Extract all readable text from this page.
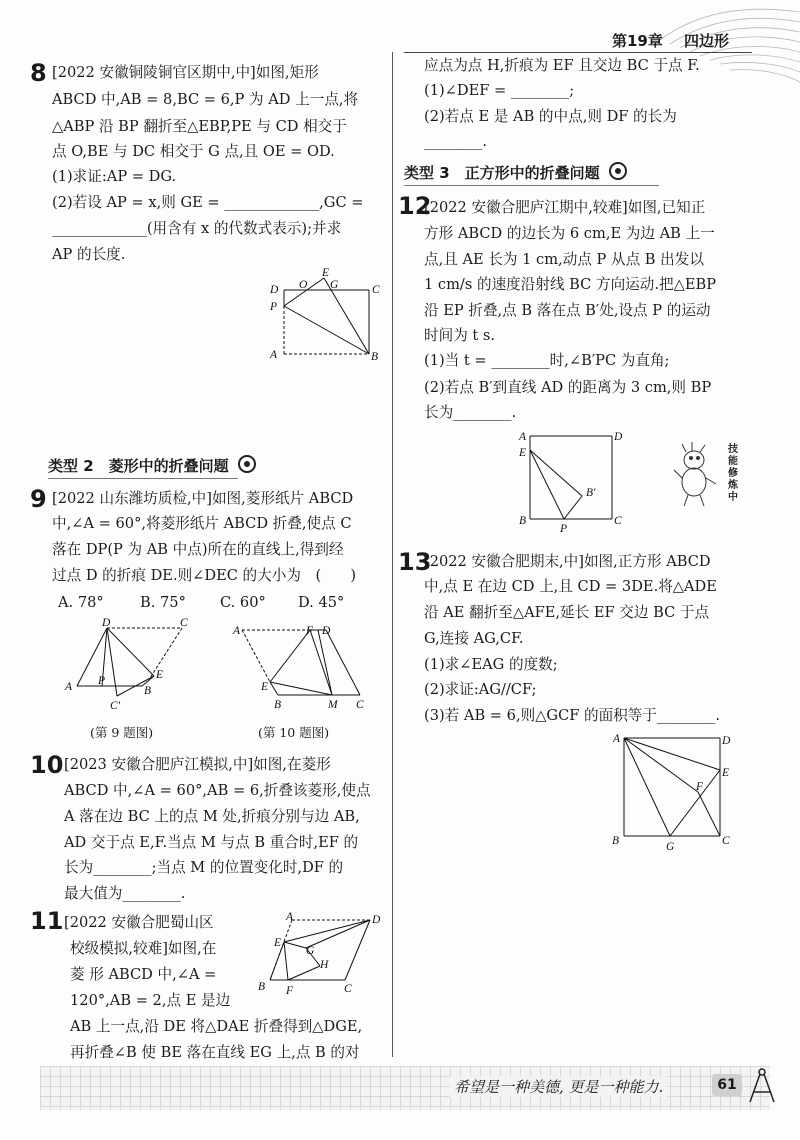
第19章 四边形
8 [2022 安徽铜陵铜官区期中,中]如图,矩形
ABCD 中,AB = 8,BC = 6,P 为 AD 上一点,将
△ABP 沿 BP 翻折至△EBP,PE 与 CD 相交于
点 O,BE 与 DC 相交于 G 点,且 OE = OD.
(1)求证:AP = DG.
(2)若设 AP = x,则 GE = _____________,GC =
_____________(用含有 x 的代数式表示);并求
AP 的长度.
D O
E
G	C
P
A	B
类型 2　菱形中的折叠问题
9 [2022 山东潍坊质检,中]如图,菱形纸片 ABCD
中,∠A = 60°,将菱形纸片 ABCD 折叠,使点 C
落在 DP(P 为 AB 中点)所在的直线上,得到经
过点 D 的折痕 DE.则∠DEC 的大小为　(　　)
A. 78° B. 75° C. 60° D. 45°
D	C
A P
B
E
C′
(第 9 题图)
A	F D
E
B	M C
(第 10 题图)
10 [2023 安徽合肥庐江模拟,中]如图,在菱形
ABCD 中,∠A = 60°,AB = 6,折叠该菱形,使点
A 落在边 BC 上的点 M 处,折痕分别与边 AB,
AD 交于点 E,F.当点 M 与点 B 重合时,EF 的
长为________;当点 M 的位置变化时,DF 的
最大值为________.
11 [2022 安徽合肥蜀山区
校级模拟,较难]如图,在
菱 形 ABCD 中,∠A =
120°,AB = 2,点 E 是边
AB 上一点,沿 DE 将△DAE 折叠得到△DGE,
再折叠∠B 使 BE 落在直线 EG 上,点 B 的对
A	D
E
G
H
B F	C
应点为点 H,折痕为 EF 且交边 BC 于点 F.
(1)∠DEF = ________;
(2)若点 E 是 AB 的中点,则 DF 的长为
________.
类型 3　正方形中的折叠问题
12
[2022 安徽合肥庐江期中,较难]如图,已知正
方形 ABCD 的边长为 6 cm,E 为边 AB 上一
点,且 AE 长为 1 cm,动点 P 从点 B 出发以
1 cm/s 的速度沿射线 BC 方向运动.把△EBP
沿 EP 折叠,点 B 落在点 B′处,设点 P 的运动
时间为 t s.
(1)当 t = ________时,∠B′PC 为直角;
(2)若点 B′到直线 AD 的距离为 3 cm,则 BP
长为________.
A	D
E
B′
B
P
C
技能修炼中
13
[2022 安徽合肥期末,中]如图,正方形 ABCD
中,点 E 在边 CD 上,且 CD = 3DE.将△ADE
沿 AE 翻折至△AFE,延长 EF 交边 BC 于点
G,连接 AG,CF.
(1)求∠EAG 的度数;
(2)求证:AG//CF;
(3)若 AB = 6,则△GCF 的面积等于________.
A	D
E
F
B	G	C
希望是一种美德, 更是一种能力.	61
